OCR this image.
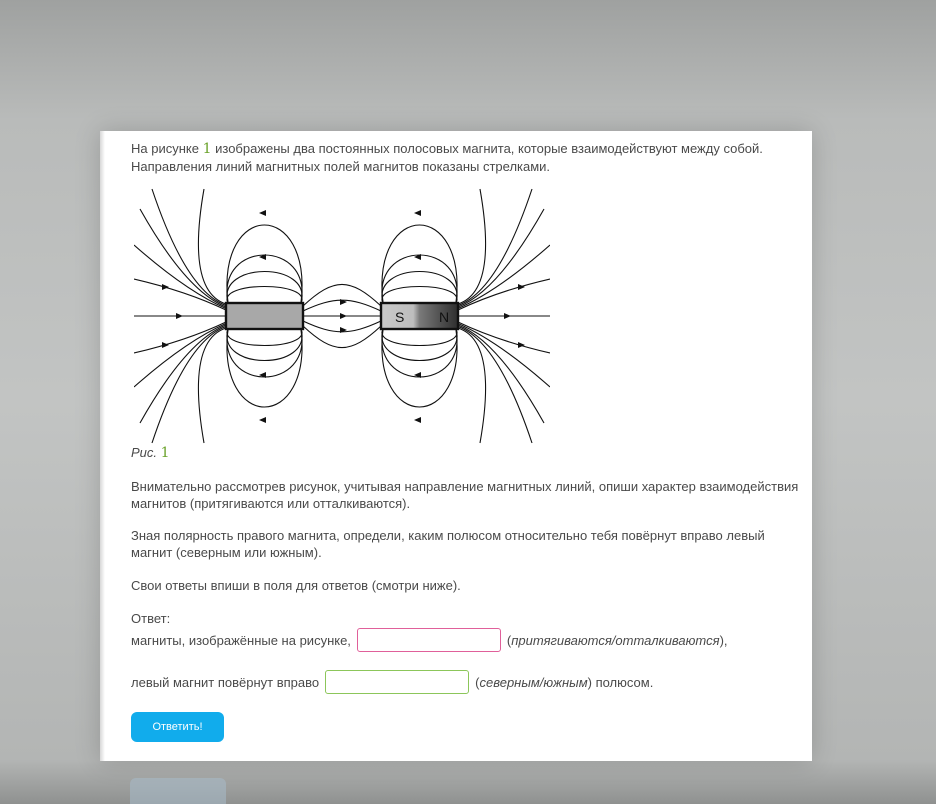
На рисунке 1 изображены два постоянных полосовых магнита, которые взаимодействуют между собой. Направления линий магнитных полей магнитов показаны стрелками.

S N
Рис. 1

Внимательно рассмотрев рисунок, учитывая направление магнитных линий, опиши характер взаимодействия магнитов (притягиваются или отталкиваются).

Зная полярность правого магнита, определи, каким полюсом относительно тебя повёрнут вправо левый магнит (северным или южным).

Свои ответы впиши в поля для ответов (смотри ниже).

Ответ:

магниты, изображённые на рисунке,	(притягиваются/отталкиваются),
левый магнит повёрнут вправо	(северным/южным) полюсом.
Ответить!
